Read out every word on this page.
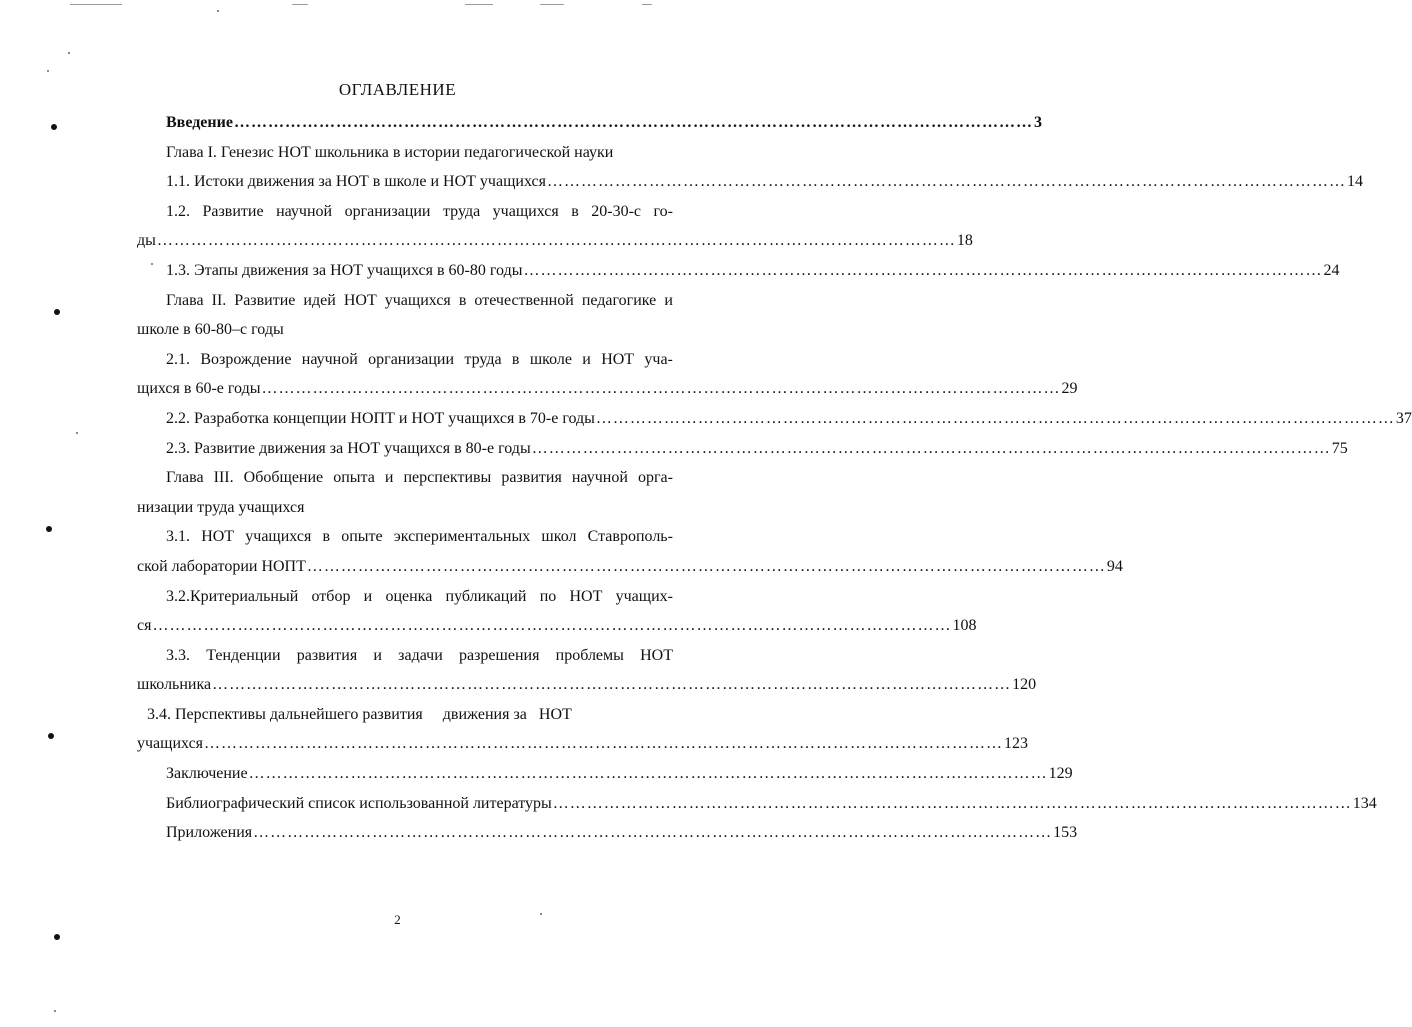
ОГЛАВЛЕНИЕ
Введение …………………………………………………………………………………………………………………………… 3
Глава I. Генезис НОТ школьника в истории педагогической науки
1.1. Истоки движения за НОТ в школе и НОТ учащихся …………………………………………………………………………………………………………………………… 14
1.2. Развитие научной организации труда учащихся в 20-30-с го-
ды …………………………………………………………………………………………………………………………… 18
1.3. Этапы движения за НОТ учащихся в 60-80 годы …………………………………………………………………………………………………………………………… 24
Глава II. Развитие идей НОТ учащихся в отечественной педагогике и
школе в 60-80–с годы
2.1. Возрождение научной организации труда в школе и НОТ уча-
щихся в 60-е годы …………………………………………………………………………………………………………………………… 29
2.2. Разработка концепции НОПТ и НОТ учащихся в 70-е годы …………………………………………………………………………………………………………………………… 37
2.3. Развитие движения за НОТ учащихся в 80-е годы …………………………………………………………………………………………………………………………… 75
Глава III. Обобщение опыта и перспективы развития научной орга-
низации труда учащихся
3.1. НОТ учащихся в опыте экспериментальных школ Ставрополь-
ской лаборатории НОПТ …………………………………………………………………………………………………………………………… 94
3.2.Критериальный отбор и оценка публикаций по НОТ учащих-
ся …………………………………………………………………………………………………………………………… 108
3.3. Тенденции развития и задачи разрешения проблемы НОТ
школьника …………………………………………………………………………………………………………………………… 120
3.4. Перспективы дальнейшего развития     движения за   НОТ
учащихся …………………………………………………………………………………………………………………………… 123
Заключение …………………………………………………………………………………………………………………………… 129
Библиографический список использованной литературы …………………………………………………………………………………………………………………………… 134
Приложения …………………………………………………………………………………………………………………………… 153
2
